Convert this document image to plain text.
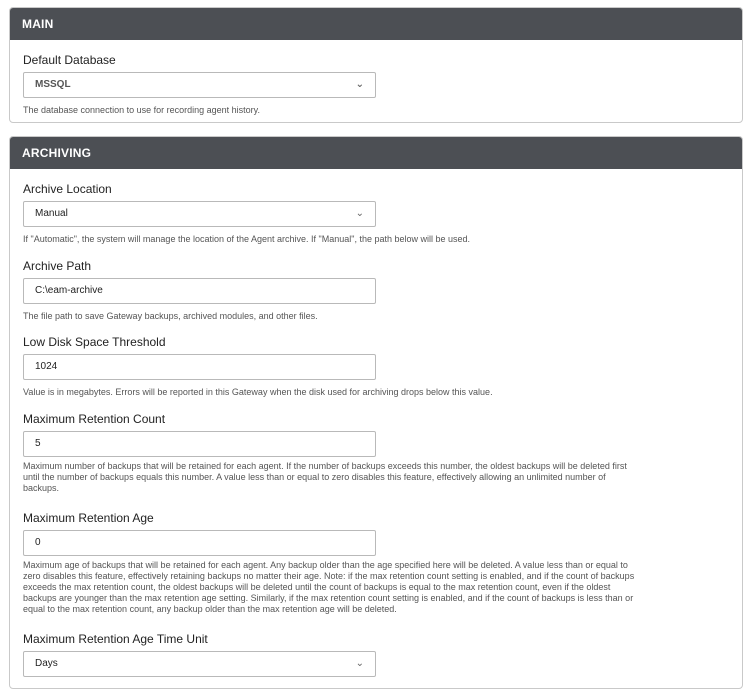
MAIN
Default Database
MSSQL	⌄
The database connection to use for recording agent history.
ARCHIVING
Archive Location
Manual	⌄
If "Automatic", the system will manage the location of the Agent archive. If "Manual", the path below will be used.
Archive Path
C:\eam-archive
The file path to save Gateway backups, archived modules, and other files.
Low Disk Space Threshold
1024
Value is in megabytes. Errors will be reported in this Gateway when the disk used for archiving drops below this value.
Maximum Retention Count
5
Maximum number of backups that will be retained for each agent. If the number of backups exceeds this number, the oldest backups will be deleted first
until the number of backups equals this number. A value less than or equal to zero disables this feature, effectively allowing an unlimited number of
backups.
Maximum Retention Age
0
Maximum age of backups that will be retained for each agent. Any backup older than the age specified here will be deleted. A value less than or equal to
zero disables this feature, effectively retaining backups no matter their age. Note: if the max retention count setting is enabled, and if the count of backups
exceeds the max retention count, the oldest backups will be deleted until the count of backups is equal to the max retention count, even if the oldest
backups are younger than the max retention age setting. Similarly, if the max retention count setting is enabled, and if the count of backups is less than or
equal to the max retention count, any backup older than the max retention age will be deleted.
Maximum Retention Age Time Unit
Days	⌄
